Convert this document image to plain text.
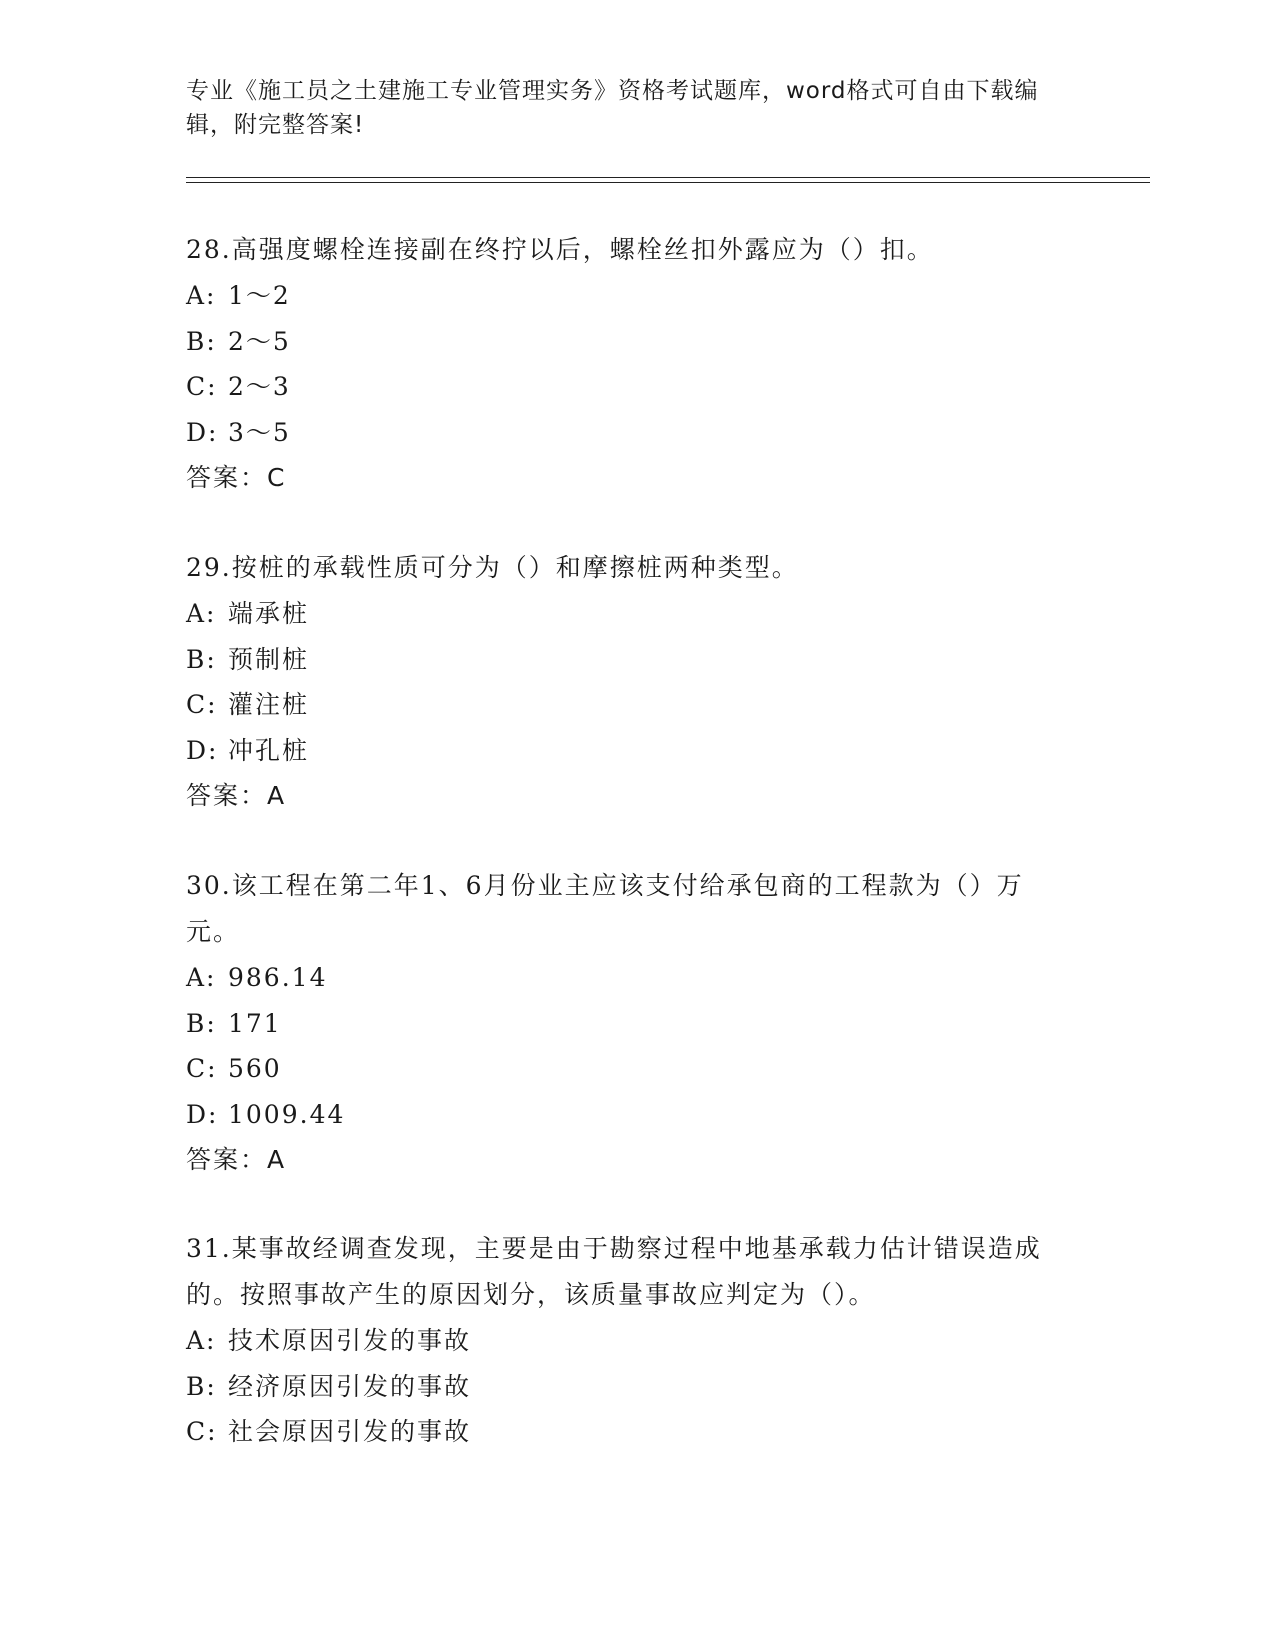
专业《施工员之土建施工专业管理实务》资格考试题库，word格式可自由下载编辑，附完整答案!

28.高强度螺栓连接副在终拧以后，螺栓丝扣外露应为（）扣。

A: 1～2

B: 2～5

C: 2～3

D: 3～5

答案：C

29.按桩的承载性质可分为（）和摩擦桩两种类型。

A: 端承桩

B: 预制桩

C: 灌注桩

D: 冲孔桩

答案：A

30.该工程在第二年1、6月份业主应该支付给承包商的工程款为（）万元。

A: 986.14

B: 171

C: 560

D: 1009.44

答案：A

31.某事故经调查发现，主要是由于勘察过程中地基承载力估计错误造成的。按照事故产生的原因划分，该质量事故应判定为（）。

A: 技术原因引发的事故

B: 经济原因引发的事故

C: 社会原因引发的事故
